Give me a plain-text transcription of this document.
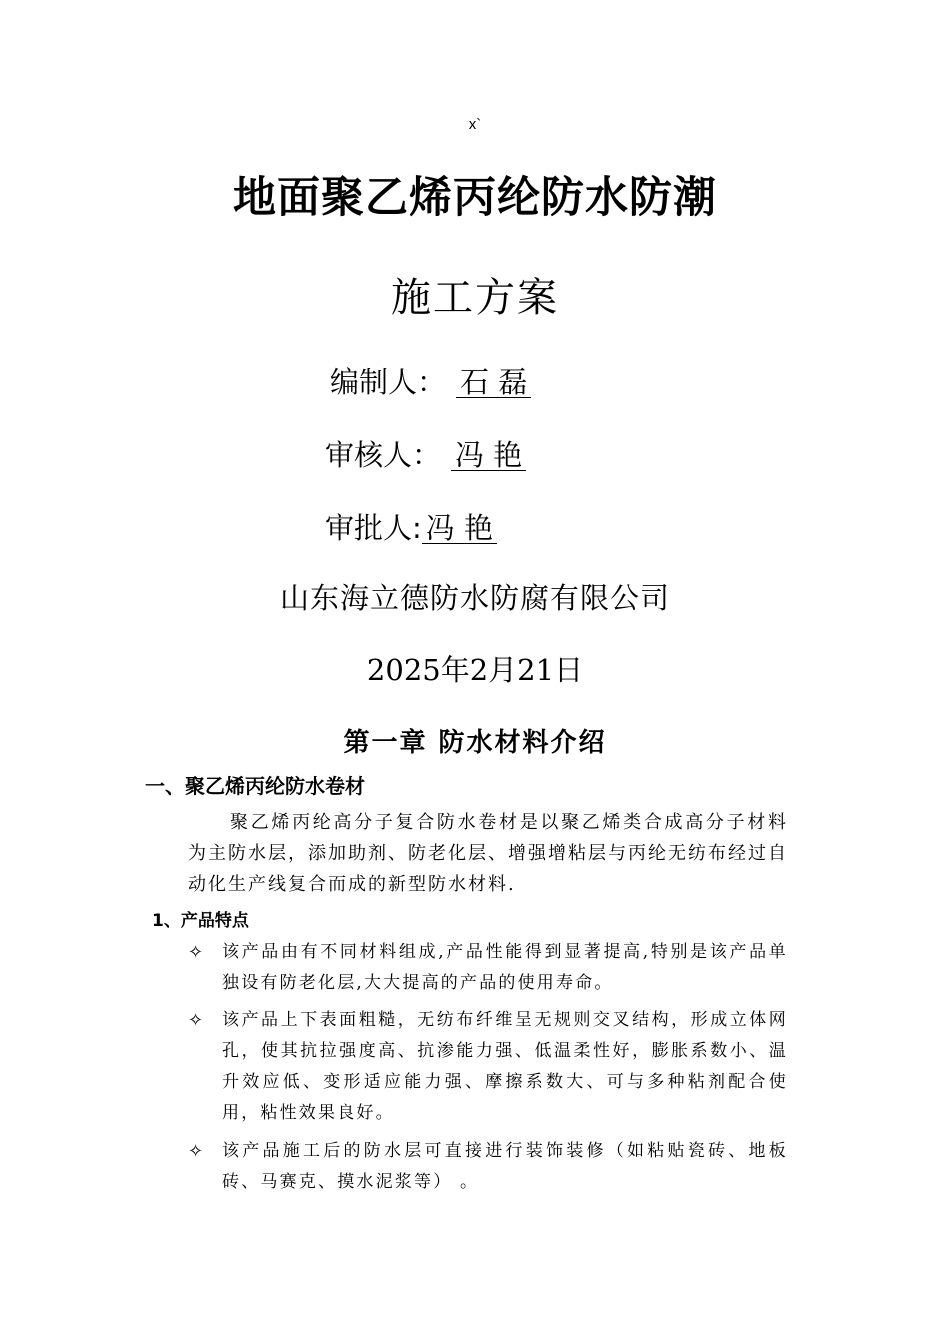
x`
地面聚乙烯丙纶防水防潮
施工方案
编制人： 石 磊
审核人： 冯 艳
审批人: 冯 艳
山东海立德防水防腐有限公司
2025年2月21日
第一章 防水材料介绍
一、聚乙烯丙纶防水卷材
聚乙烯丙纶高分子复合防水卷材是以聚乙烯类合成高分子材料为主防水层，添加助剂、防老化层、增强增粘层与丙纶无纺布经过自动化生产线复合而成的新型防水材料.
1、产品特点
✧ 该产品由有不同材料组成,产品性能得到显著提高,特别是该产品单独设有防老化层,大大提高的产品的使用寿命。
✧ 该产品上下表面粗糙，无纺布纤维呈无规则交叉结构，形成立体网孔，使其抗拉强度高、抗渗能力强、低温柔性好，膨胀系数小、温升效应低、变形适应能力强、摩擦系数大、可与多种粘剂配合使用，粘性效果良好。
✧ 该产品施工后的防水层可直接进行装饰装修（如粘贴瓷砖、地板砖、马赛克、摸水泥浆等） 。
